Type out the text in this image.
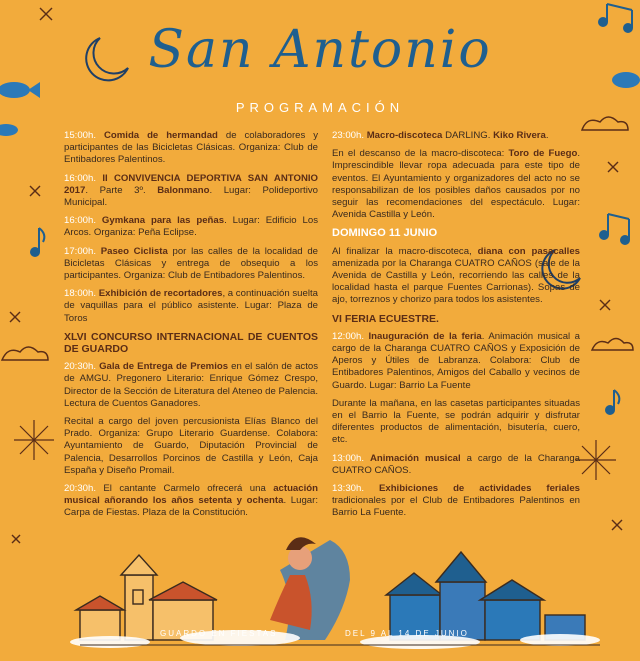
San Antonio
PROGRAMACIÓN

15:00h. Comida de hermandad de colaboradores y participantes de las Bicicletas Clásicas. Organiza: Club de Entibadores Palentinos.

16:00h. II CONVIVENCIA DEPORTIVA SAN ANTONIO 2017. Parte 3º. Balonmano. Lugar: Polideportivo Municipal.

16:00h. Gymkana para las peñas. Lugar: Edificio Los Arcos. Organiza: Peña Eclipse.

17:00h. Paseo Ciclista por las calles de la localidad de Bicicletas Clásicas y entrega de obsequio a los participantes. Organiza: Club de Entibadores Palentinos.

18:00h. Exhibición de recortadores, a continuación suelta de vaquillas para el público asistente. Lugar: Plaza de Toros

XLVI CONCURSO INTERNACIONAL DE CUENTOS DE GUARDO

20:30h. Gala de Entrega de Premios en el salón de actos de AMGU. Pregonero Literario: Enrique Gómez Crespo, Director de la Sección de Literatura del Ateneo de Palencia. Lectura de Cuentos Ganadores.

Recital a cargo del joven percusionista Elías Blanco del Prado. Organiza: Grupo Literario Guardense. Colabora: Ayuntamiento de Guardo, Diputación Provincial de Palencia, Desarrollos Porcinos de Castilla y León, Caja España y Diseño Promail.

20:30h. El cantante Carmelo ofrecerá una actuación musical añorando los años setenta y ochenta. Lugar: Carpa de Fiestas. Plaza de la Constitución.

23:00h. Macro-discoteca DARLING. Kiko Rivera.

En el descanso de la macro-discoteca: Toro de Fuego. Imprescindible llevar ropa adecuada para este tipo de eventos. El Ayuntamiento y organizadores del acto no se responsabilizan de los posibles daños causados por no seguir las recomendaciones del espectáculo. Lugar: Avenida Castilla y León.

DOMINGO 11 JUNIO

Al finalizar la macro-discoteca, diana con pasacalles amenizada por la Charanga CUATRO CAÑOS (sale de la Avenida de Castilla y León, recorriendo las calles de la localidad hasta el parque Fuentes Carrionas). Sopas de ajo, torreznos y chorizo para todos los asistentes.

VI FERIA ECUESTRE.

12:00h. Inauguración de la feria. Animación musical a cargo de la Charanga CUATRO CAÑOS y Exposición de Aperos y Útiles de Labranza. Colabora: Club de Entibadores Palentinos, Amigos del Caballo y vecinos de Guardo. Lugar: Barrio La Fuente

Durante la mañana, en las casetas participantes situadas en el Barrio la Fuente, se podrán adquirir y disfrutar diferentes productos de alimentación, bisutería, cuero, etc.

13:00h. Animación musical a cargo de la Charanga CUATRO CAÑOS.

13:30h. Exhibiciones de actividades feriales tradicionales por el Club de Entibadores Palentinos en Barrio La Fuente.

GUARDO EN FIESTAS	DEL 9 AL 14 DE JUNIO
